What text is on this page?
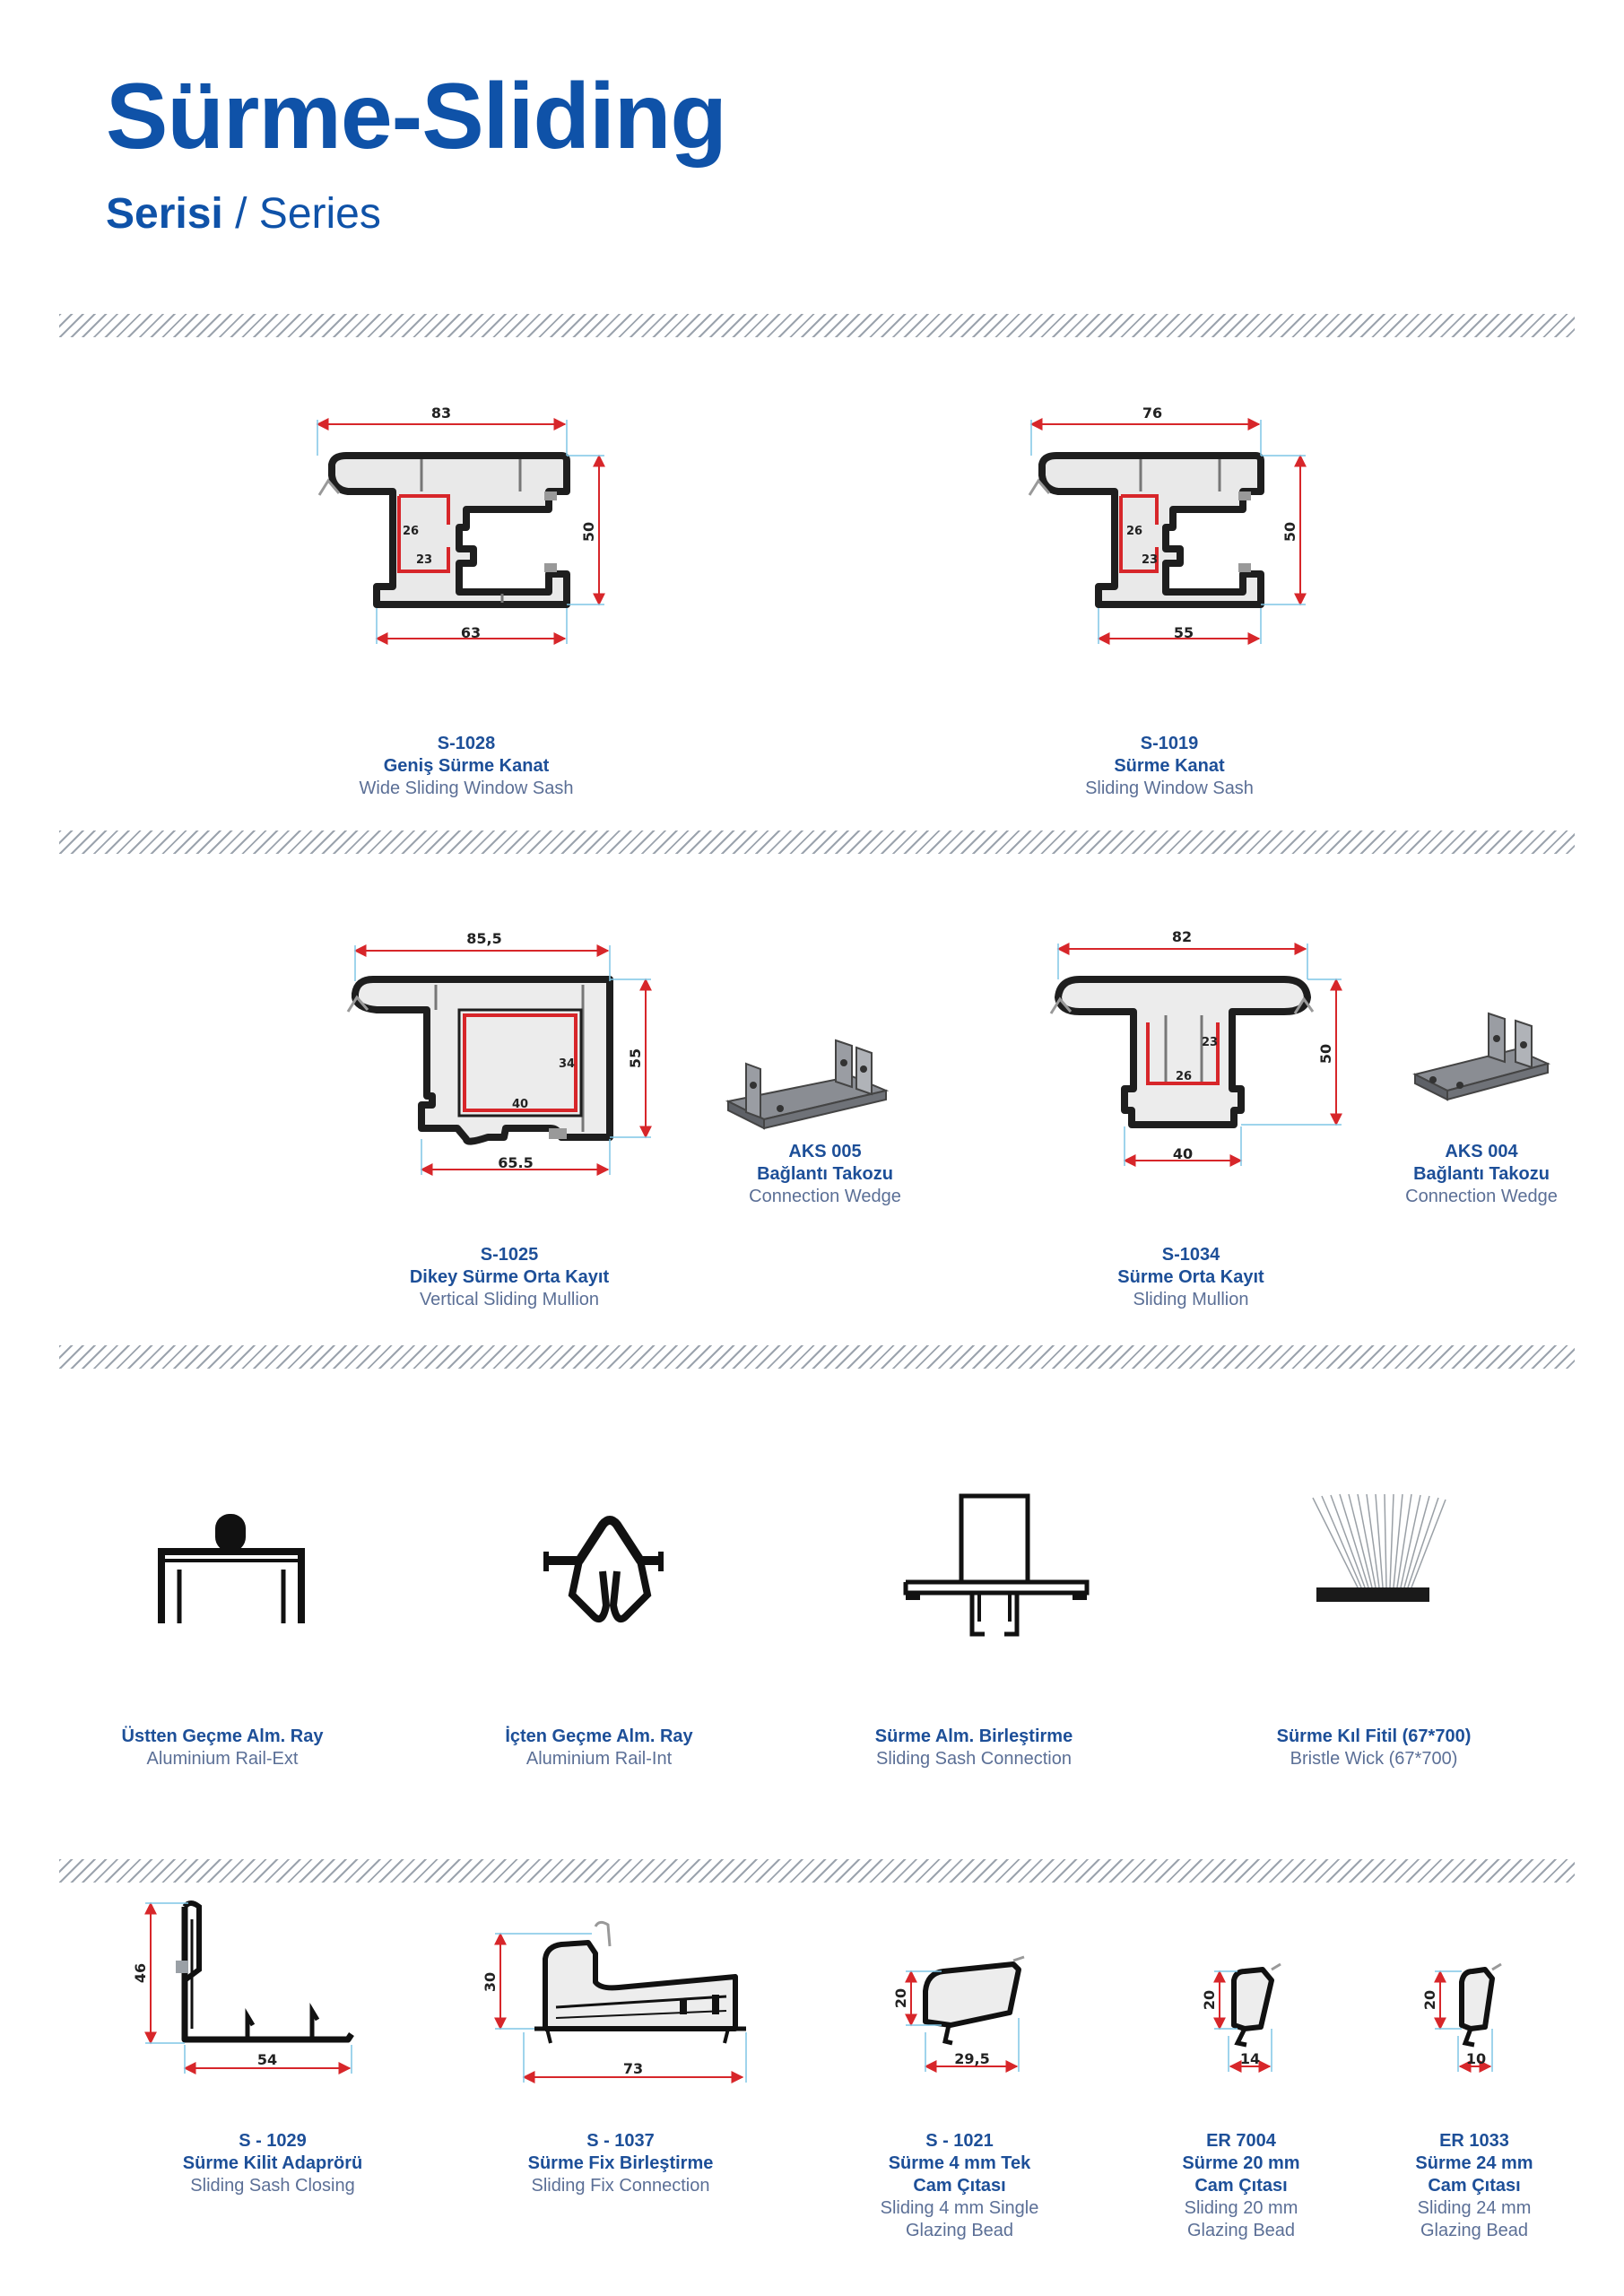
Sürme-Sliding
Serisi / Series
83
63
50
26
23
76
55
50
26
23
85,5
65.5
55
34
40
82
40
50
23
26
46
54
30
73
20
29,5
20
14
20
10
S-1028
Geniş Sürme Kanat
Wide Sliding Window Sash
S-1019
Sürme Kanat
Sliding Window Sash
S-1025
Dikey Sürme Orta Kayıt
Vertical Sliding Mullion
AKS 005
Bağlantı Takozu
Connection Wedge
S-1034
Sürme Orta Kayıt
Sliding Mullion
AKS 004
Bağlantı Takozu
Connection Wedge
Üstten Geçme Alm. Ray
Aluminium Rail-Ext
İçten Geçme Alm. Ray
Aluminium Rail-Int
Sürme Alm. Birleştirme
Sliding Sash Connection
Sürme Kıl Fitil (67*700)
Bristle Wick (67*700)
S - 1029
Sürme Kilit Adaprörü
Sliding Sash Closing
S - 1037
Sürme Fix Birleştirme
Sliding Fix Connection
S - 1021
Sürme 4 mm Tek
Cam Çıtası
Sliding 4 mm Single
Glazing Bead
ER 7004
Sürme 20 mm
Cam Çıtası
Sliding 20 mm
Glazing Bead
ER 1033
Sürme 24 mm
Cam Çıtası
Sliding 24 mm
Glazing Bead
